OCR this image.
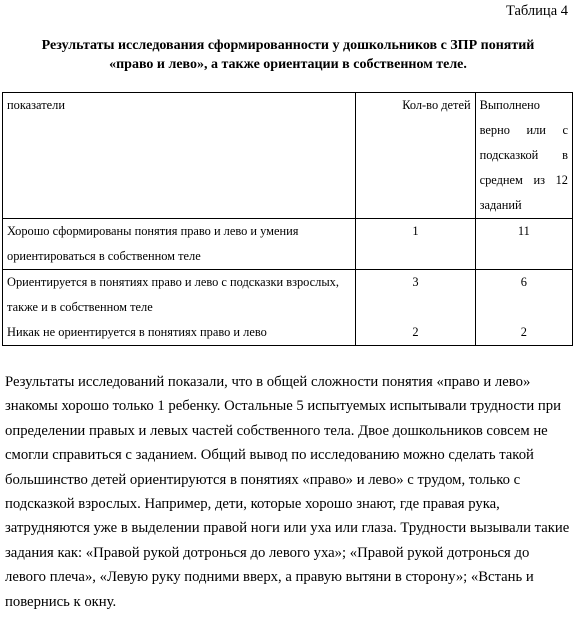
Таблица 4
Результаты исследования сформированности у дошкольников с ЗПР понятий
«право и лево», а также ориентации в собственном теле.
показатели	Кол-во детей	Выполнено верно или с подсказкой в среднем из 12 заданий
Хорошо сформированы понятия право и лево и умения ориентироваться в собственном теле	1	11
Ориентируется в понятиях право и лево с подсказки взрослых, также и в собственном теле	3	6
Никак не ориентируется в понятиях право и лево	2	2

Результаты исследований показали, что в общей сложности понятия «право и лево» знакомы хорошо только 1 ребенку. Остальные 5 испытуемых испытывали трудности при определении правых и левых частей собственного тела. Двое дошкольников совсем не смогли справиться с заданием. Общий вывод по исследованию можно сделать такой большинство детей ориентируются в понятиях «право» и лево» с трудом, только с подсказкой взрослых. Например, дети, которые хорошо знают, где правая рука, затрудняются уже в выделении правой ноги или уха или глаза. Трудности вызывали такие задания как: «Правой рукой дотронься до левого уха»; «Правой рукой дотронься до левого плеча», «Левую руку подними вверх, а правую вытяни в сторону»; «Встань и повернись к окну.
